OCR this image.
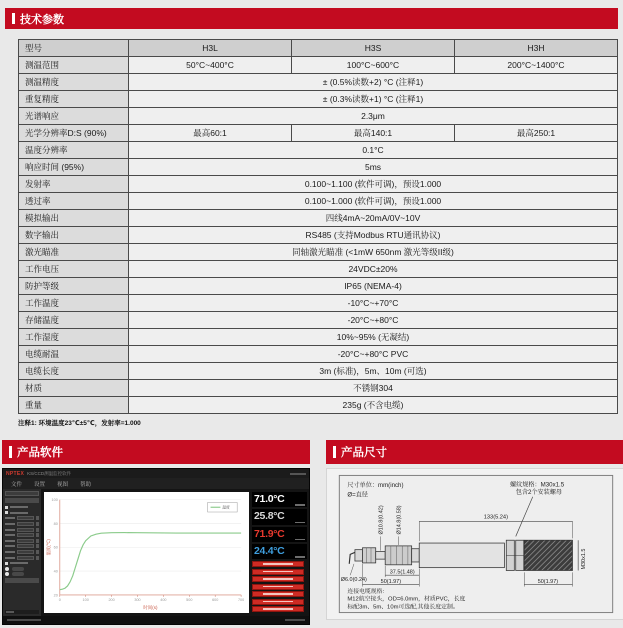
技术参数
型号	H3L	H3S	H3H
测温范围	50°C~400°C	100°C~600°C	200°C~1400°C
测温精度	± (0.5%读数+2) °C (注释1)		
重复精度	± (0.3%读数+1) °C (注释1)		
光谱响应	2.3μm		
光学分辨率D:S (90%)	最高60:1	最高140:1	最高250:1
温度分辨率	0.1°C		
响应时间 (95%)	5ms		
发射率	0.100~1.100 (软件可调)，预设1.000		
透过率	0.100~1.000 (软件可调)，预设1.000		
模拟输出	四线4mA~20mA/0V~10V		
数字输出	RS485 (支持Modbus RTU通讯协议)		
激光瞄准	同轴激光瞄准 (<1mW 650nm 激光等级II级)		
工作电压	24VDC±20%		
防护等级	IP65 (NEMA-4)		
工作温度	-10°C~+70°C		
存储温度	-20°C~+80°C		
工作湿度	10%~95% (无凝结)		
电缆耐温	-20°C~+80°C PVC		
电缆长度	3m (标准)，5m、10m (可选)		
材质	不锈钢304		
重量	235g (不含电缆)		
注释1: 环境温度23℃±5℃，发射率=1.000
产品软件
NPTEX KS/CCD测温监控软件
文件 设置 视图 帮助
20
40
60
80
100
0	100	200	300	400	500	600	700
温度
温度(℃)
时间(s)
71.0°C
25.8°C
71.9°C
24.4°C
产品尺寸
尺寸单位：mm(inch)
Ø=直径
螺纹规格：M30x1.5
包含2个安装螺母
133(5.24)
Ø10.8(0.42) Ø14.8(0.58)
37.5(1.48)
50(1.97)
Ø6.0(0.24)	50(1.97)
M30x1.5
连接电缆规格:
M12航空接头，OD=6.0mm，材质PVC，长度
标配3m、5m、10m可选配,其他长度定制。
